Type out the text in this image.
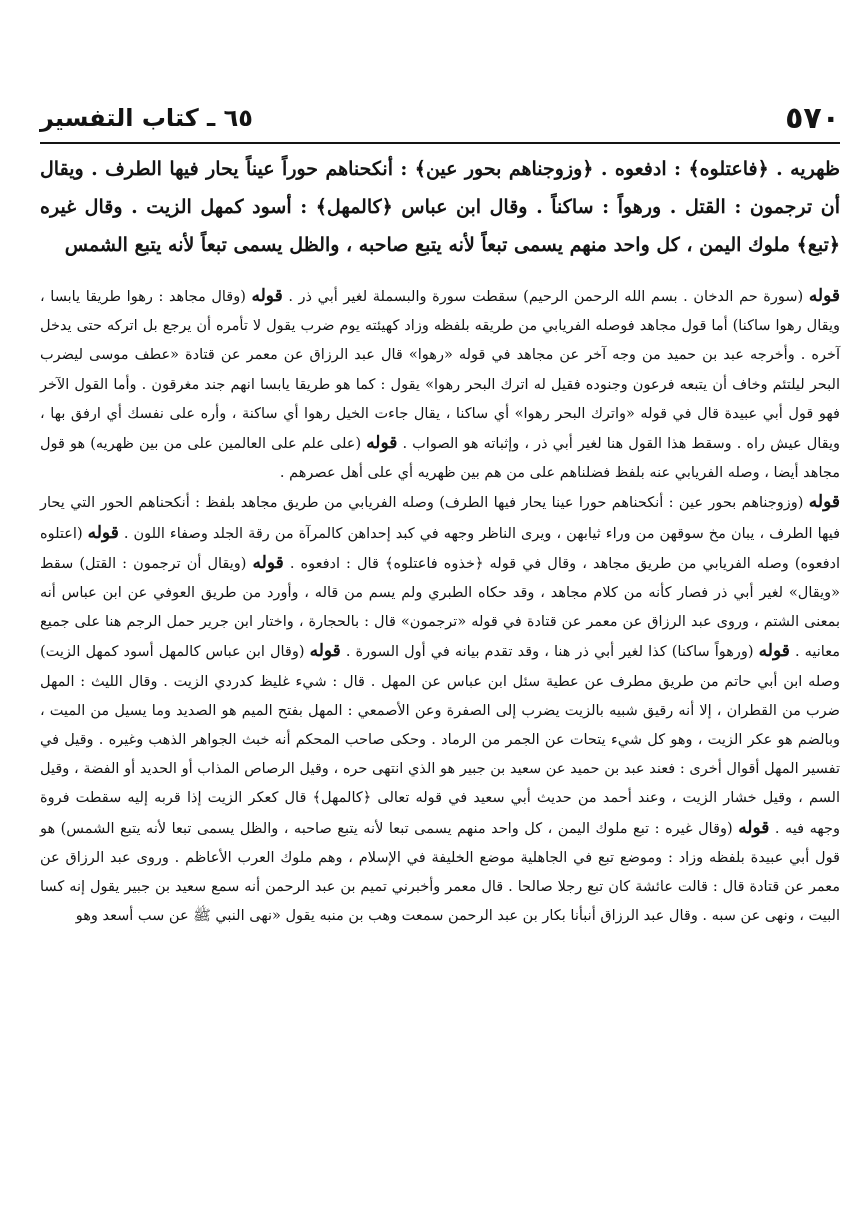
٥٧٠
٦٥ ـ كتاب التفسير
ظهريه . ﴿فاعتلوه﴾ : ادفعوه . ﴿وزوجناهم بحور عين﴾ : أنكحناهم حوراً عيناً يحار فيها الطرف . ويقال أن ترجمون : القتل . ورهواً : ساكناً . وقال ابن عباس ﴿كالمهل﴾ : أسود كمهل الزيت . وقال غيره ﴿تبع﴾ ملوك اليمن ، كل واحد منهم يسمى تبعاً لأنه يتبع صاحبه ، والظل يسمى تبعاً لأنه يتبع الشمس

قوله (سورة حم الدخان . بسم الله الرحمن الرحيم) سقطت سورة والبسملة لغير أبي ذر . قوله (وقال مجاهد : رهوا طريقا يابسا ، ويقال رهوا ساكنا) أما قول مجاهد فوصله الفريابي من طريقه بلفظه وزاد كهيئته يوم ضرب يقول لا تأمره أن يرجع بل اتركه حتى يدخل آخره . وأخرجه عبد بن حميد من وجه آخر عن مجاهد في قوله «رهوا» قال عبد الرزاق عن معمر عن قتادة «عطف موسى ليضرب البحر ليلتئم وخاف أن يتبعه فرعون وجنوده فقيل له اترك البحر رهوا» يقول : كما هو طريقا يابسا انهم جند مغرقون . وأما القول الآخر فهو قول أبي عبيدة قال في قوله «واترك البحر رهوا» أي ساكنا ، يقال جاءت الخيل رهوا أي ساكنة ، وأره على نفسك أي ارفق بها ، ويقال عيش راه . وسقط هذا القول هنا لغير أبي ذر ، وإثباته هو الصواب . قوله (على علم على العالمين على من بين ظهريه) هو قول مجاهد أيضا ، وصله الفريابي عنه بلفظ فضلناهم على من هم بين ظهريه أي على أهل عصرهم .

قوله (وزوجناهم بحور عين : أنكحناهم حورا عينا يحار فيها الطرف) وصله الفريابي من طريق مجاهد بلفظ : أنكحناهم الحور التي يحار فيها الطرف ، يبان مخ سوقهن من وراء ثيابهن ، ويرى الناظر وجهه في كبد إحداهن كالمرآة من رقة الجلد وصفاء اللون . قوله (اعتلوه ادفعوه) وصله الفريابي من طريق مجاهد ، وقال في قوله ﴿خذوه فاعتلوه﴾ قال : ادفعوه . قوله (ويقال أن ترجمون : القتل) سقط «ويقال» لغير أبي ذر فصار كأنه من كلام مجاهد ، وقد حكاه الطبري ولم يسم من قاله ، وأورد من طريق العوفي عن ابن عباس أنه بمعنى الشتم ، وروى عبد الرزاق عن معمر عن قتادة في قوله «ترجمون» قال : بالحجارة ، واختار ابن جرير حمل الرجم هنا على جميع معانيه . قوله (ورهواً ساكنا) كذا لغير أبي ذر هنا ، وقد تقدم بيانه في أول السورة . قوله (وقال ابن عباس كالمهل أسود كمهل الزيت) وصله ابن أبي حاتم من طريق مطرف عن عطية سئل ابن عباس عن المهل . قال : شيء غليظ كدردي الزيت . وقال الليث : المهل ضرب من القطران ، إلا أنه رقيق شبيه بالزيت يضرب إلى الصفرة وعن الأصمعي : المهل بفتح الميم هو الصديد وما يسيل من الميت ، وبالضم هو عكر الزيت ، وهو كل شيء يتحات عن الجمر من الرماد . وحكى صاحب المحكم أنه خبث الجواهر الذهب وغيره . وقيل في تفسير المهل أقوال أخرى : فعند عبد بن حميد عن سعيد بن جبير هو الذي انتهى حره ، وقيل الرصاص المذاب أو الحديد أو الفضة ، وقيل السم ، وقيل خشار الزيت ، وعند أحمد من حديث أبي سعيد في قوله تعالى ﴿كالمهل﴾ قال كعكر الزيت إذا قربه إليه سقطت فروة وجهه فيه . قوله (وقال غيره : تبع ملوك اليمن ، كل واحد منهم يسمى تبعا لأنه يتبع صاحبه ، والظل يسمى تبعا لأنه يتبع الشمس) هو قول أبي عبيدة بلفظه وزاد : وموضع تبع في الجاهلية موضع الخليفة في الإسلام ، وهم ملوك العرب الأعاظم . وروى عبد الرزاق عن معمر عن قتادة قال : قالت عائشة كان تبع رجلا صالحا . قال معمر وأخبرني تميم بن عبد الرحمن أنه سمع سعيد بن جبير يقول إنه كسا البيت ، ونهى عن سبه . وقال عبد الرزاق أنبأنا بكار بن عبد الرحمن سمعت وهب بن منبه يقول «نهى النبي ﷺ عن سب أسعد وهو
